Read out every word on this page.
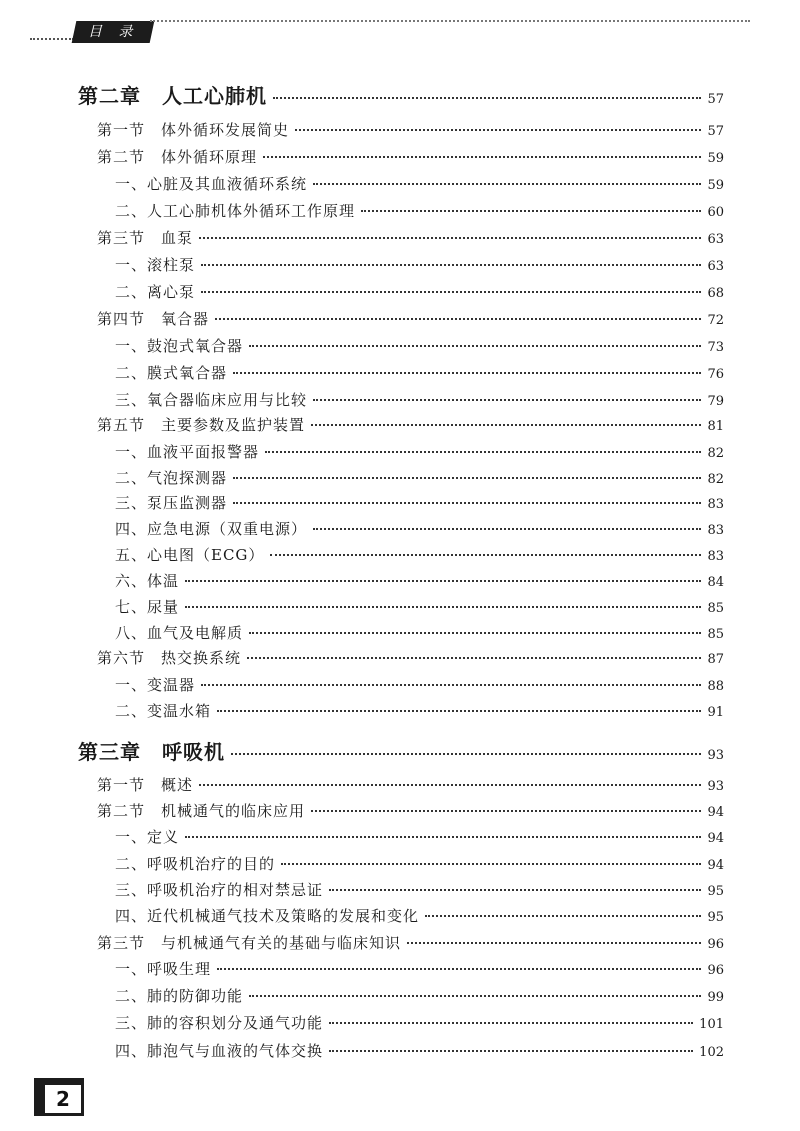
目 录
第二章　人工心肺机	57
第一节　体外循环发展简史	57
第二节　体外循环原理	59
一、心脏及其血液循环系统	59
二、人工心肺机体外循环工作原理	60
第三节　血泵	63
一、滚柱泵	63
二、离心泵	68
第四节　氧合器	72
一、鼓泡式氧合器	73
二、膜式氧合器	76
三、氧合器临床应用与比较	79
第五节　主要参数及监护装置	81
一、血液平面报警器	82
二、气泡探测器	82
三、泵压监测器	83
四、应急电源（双重电源）	83
五、心电图（ECG）	83
六、体温	84
七、尿量	85
八、血气及电解质	85
第六节　热交换系统	87
一、变温器	88
二、变温水箱	91
第三章　呼吸机	93
第一节　概述	93
第二节　机械通气的临床应用	94
一、定义	94
二、呼吸机治疗的目的	94
三、呼吸机治疗的相对禁忌证	95
四、近代机械通气技术及策略的发展和变化	95
第三节　与机械通气有关的基础与临床知识	96
一、呼吸生理	96
二、肺的防御功能	99
三、肺的容积划分及通气功能	101
四、肺泡气与血液的气体交换	102
2
